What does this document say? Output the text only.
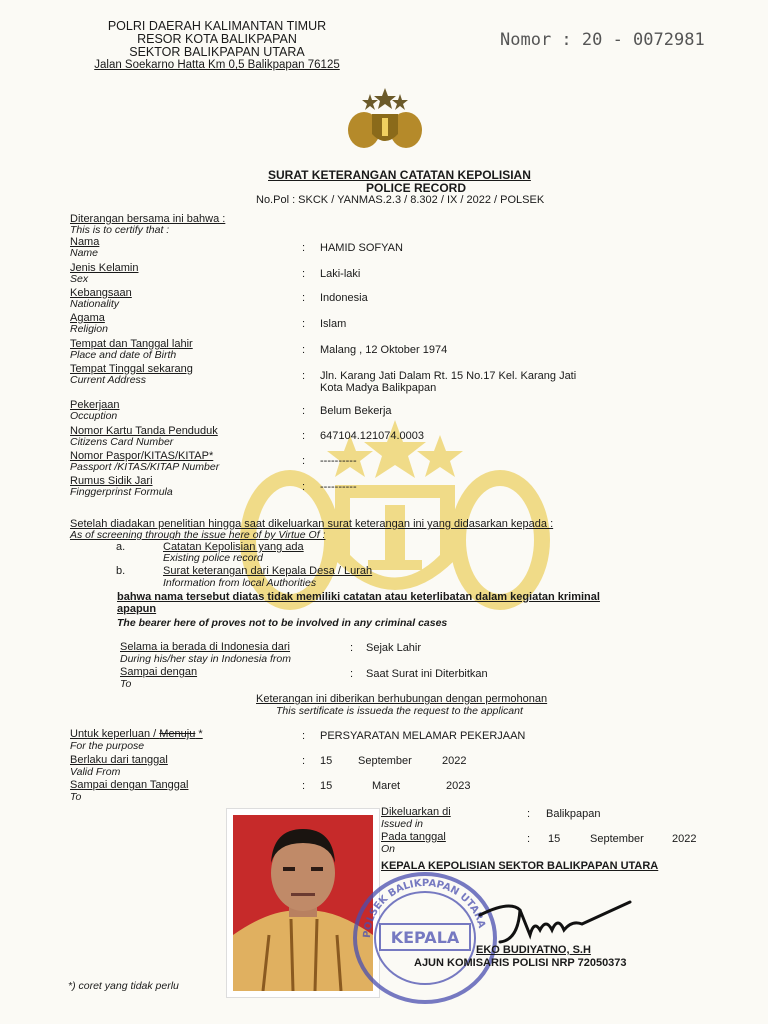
POLRI DAERAH KALIMANTAN TIMUR
RESOR KOTA BALIKPAPAN
SEKTOR BALIKPAPAN UTARA
Jalan Soekarno Hatta Km 0,5 Balikpapan 76125
Nomor : 20 - 0072981
SURAT KETERANGAN CATATAN KEPOLISIAN
POLICE RECORD
No.Pol : SKCK / YANMAS.2.3 / 8.302 / IX / 2022 / POLSEK
Diterangan bersama ini bahwa :
This is to certify that :
Nama
Name	: HAMID SOFYAN
Jenis Kelamin
Sex	: Laki-laki
Kebangsaan
Nationality	: Indonesia
Agama
Religion	: Islam
Tempat dan Tanggal lahir
Place and date of Birth	: Malang , 12 Oktober 1974
Tempat Tinggal sekarang
Current Address	: Jln. Karang Jati Dalam Rt. 15 No.17 Kel. Karang Jati
Kota Madya Balikpapan
Pekerjaan
Occuption	: Belum Bekerja
Nomor Kartu Tanda Penduduk
Citizens Card Number	: 647104.121074.0003
Nomor Paspor/KITAS/KITAP*
Passport /KITAS/KITAP Number	: ----------
Rumus Sidik Jari
Finggerprinst Formula	: ----------
Setelah diadakan penelitian hingga saat dikeluarkan surat keterangan ini yang didasarkan kepada :
As of screening through the issue here of by Virtue Of :
a.	Catatan Kepolisian yang ada
Existing police record
b.	Surat keterangan dari Kepala Desa / Lurah
Information from local Authorities
bahwa nama tersebut diatas tidak memiliki catatan atau keterlibatan dalam kegiatan kriminal
apapun
The bearer here of proves not to be involved in any criminal cases
Selama ia berada di Indonesia dari
During his/her stay in Indonesia from
: Sejak Lahir
Sampai dengan
To
: Saat Surat ini Diterbitkan
Keterangan ini diberikan berhubungan dengan permohonan
This sertificate is issueda the request to the applicant
Untuk keperluan / Menuju *
For the purpose
: PERSYARATAN MELAMAR PEKERJAAN
Berlaku dari tanggal
Valid From
: 15 September	2022
Sampai dengan Tanggal
To
: 15	Maret	2023
POLSEK BALIKPAPAN UTARA
KEPALA
Dikeluarkan di
Issued in
: Balikpapan
Pada tanggal
On
: 15	September	2022
KEPALA KEPOLISIAN SEKTOR BALIKPAPAN UTARA
EKO BUDIYATNO, S.H
AJUN KOMISARIS POLISI NRP 72050373
*) coret yang tidak perlu
